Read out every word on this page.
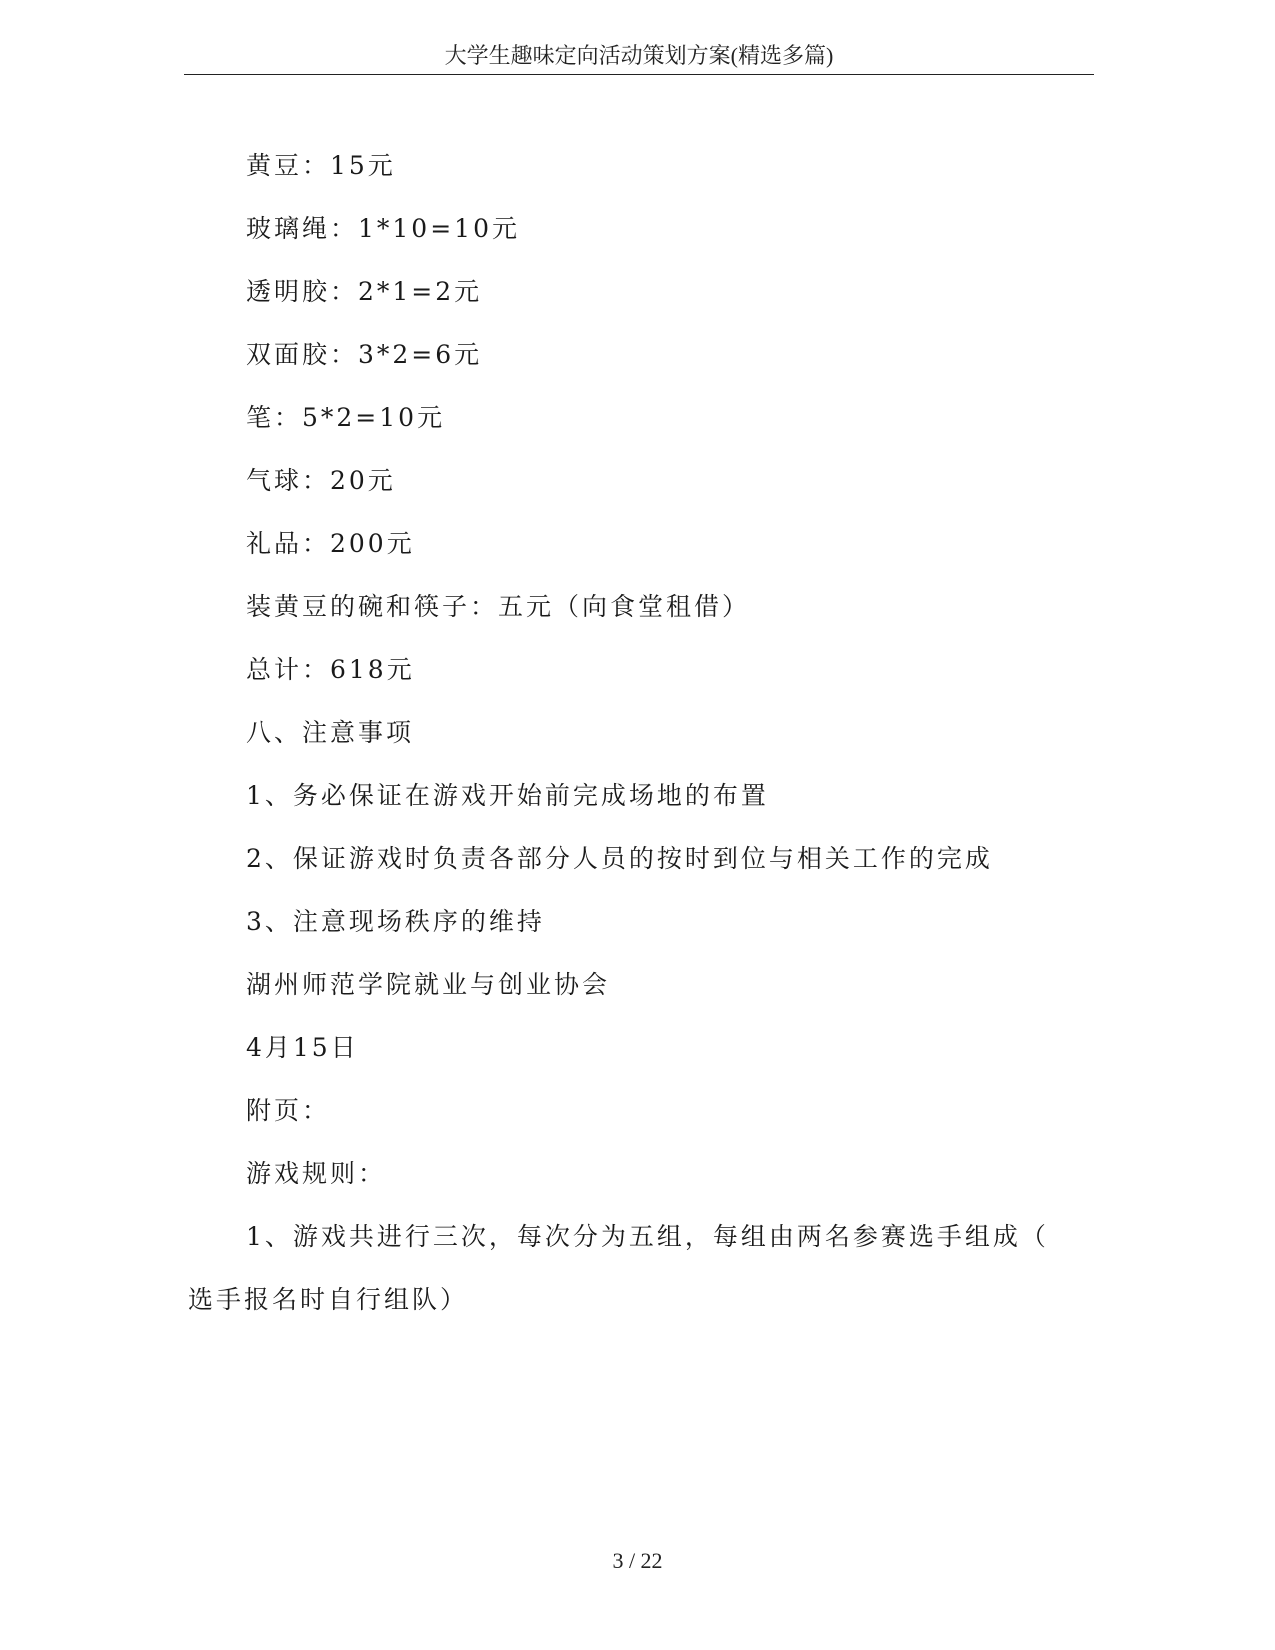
大学生趣味定向活动策划方案(精选多篇)
黄豆：15元
玻璃绳：1*10=10元
透明胶：2*1=2元
双面胶：3*2=6元
笔：5*2=10元
气球：20元
礼品：200元
装黄豆的碗和筷子：五元（向食堂租借）
总计：618元
八、注意事项
1、务必保证在游戏开始前完成场地的布置
2、保证游戏时负责各部分人员的按时到位与相关工作的完成
3、注意现场秩序的维持
湖州师范学院就业与创业协会
4月15日
附页：
游戏规则：
1、游戏共进行三次，每次分为五组，每组由两名参赛选手组成（
选手报名时自行组队）
3 / 22
